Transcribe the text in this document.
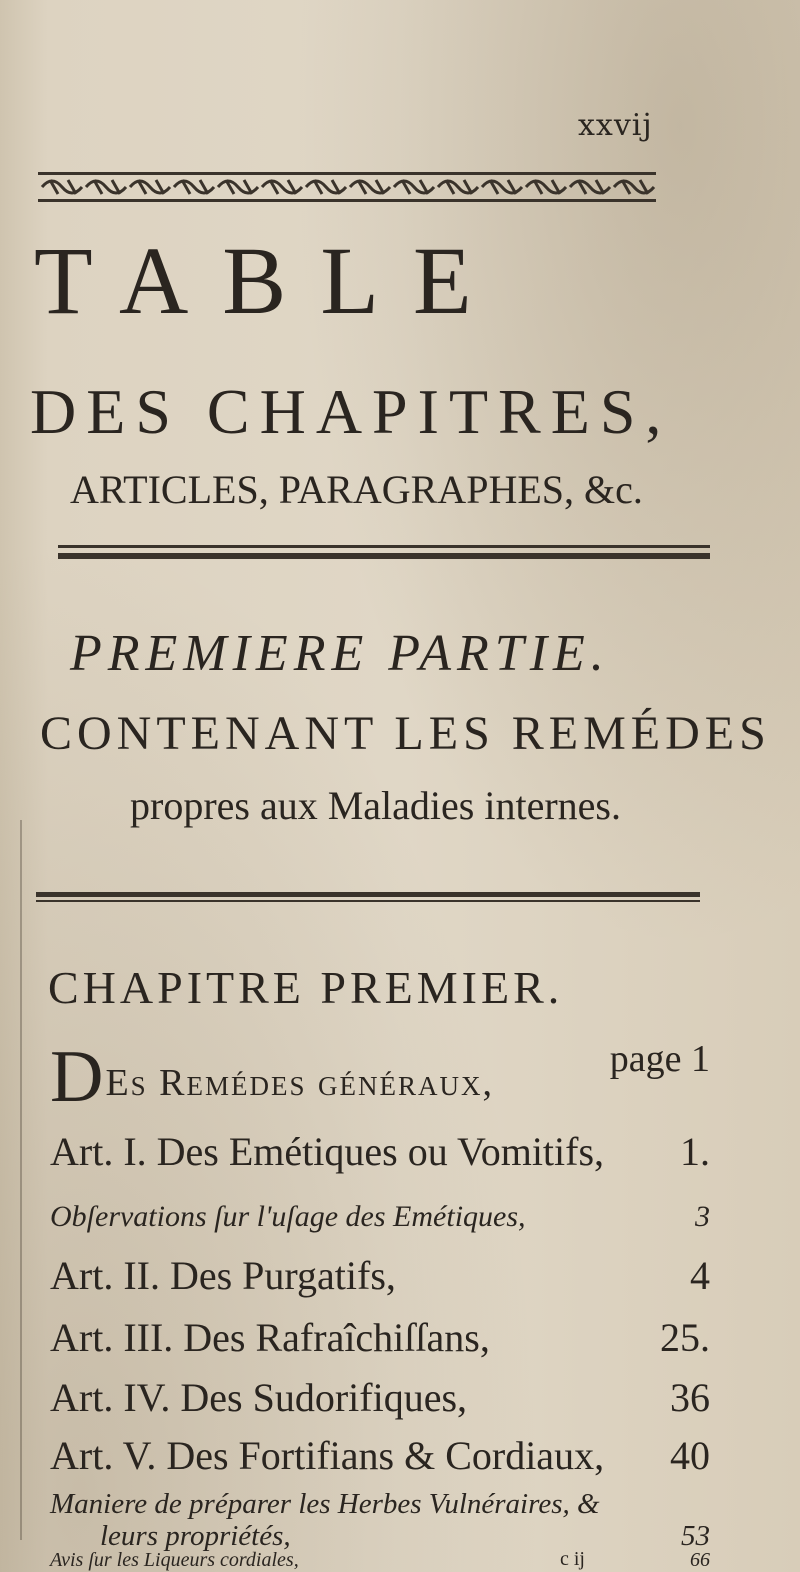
xxvij
TABLE
DES CHAPITRES,
ARTICLES, PARAGRAPHES, &c.
PREMIERE PARTIE.
CONTENANT LES REMÉDES
propres aux Maladies internes.
CHAPITRE PREMIER.
DEs Remédes généraux,
page 1
Art. I. Des Emétiques ou Vomitifs, 1.
Obſervations ſur l'uſage des Emétiques,	3
Art. II. Des Purgatifs,	4
Art. III. Des Rafraîchiſſans,	25.
Art. IV. Des Sudorifiques,	36
Art. V. Des Fortifians & Cordiaux, 40
Maniere de préparer les Herbes Vulnéraires, &
leurs propriétés,	53
Avis ſur les Liqueurs cordiales,	66
c ij
